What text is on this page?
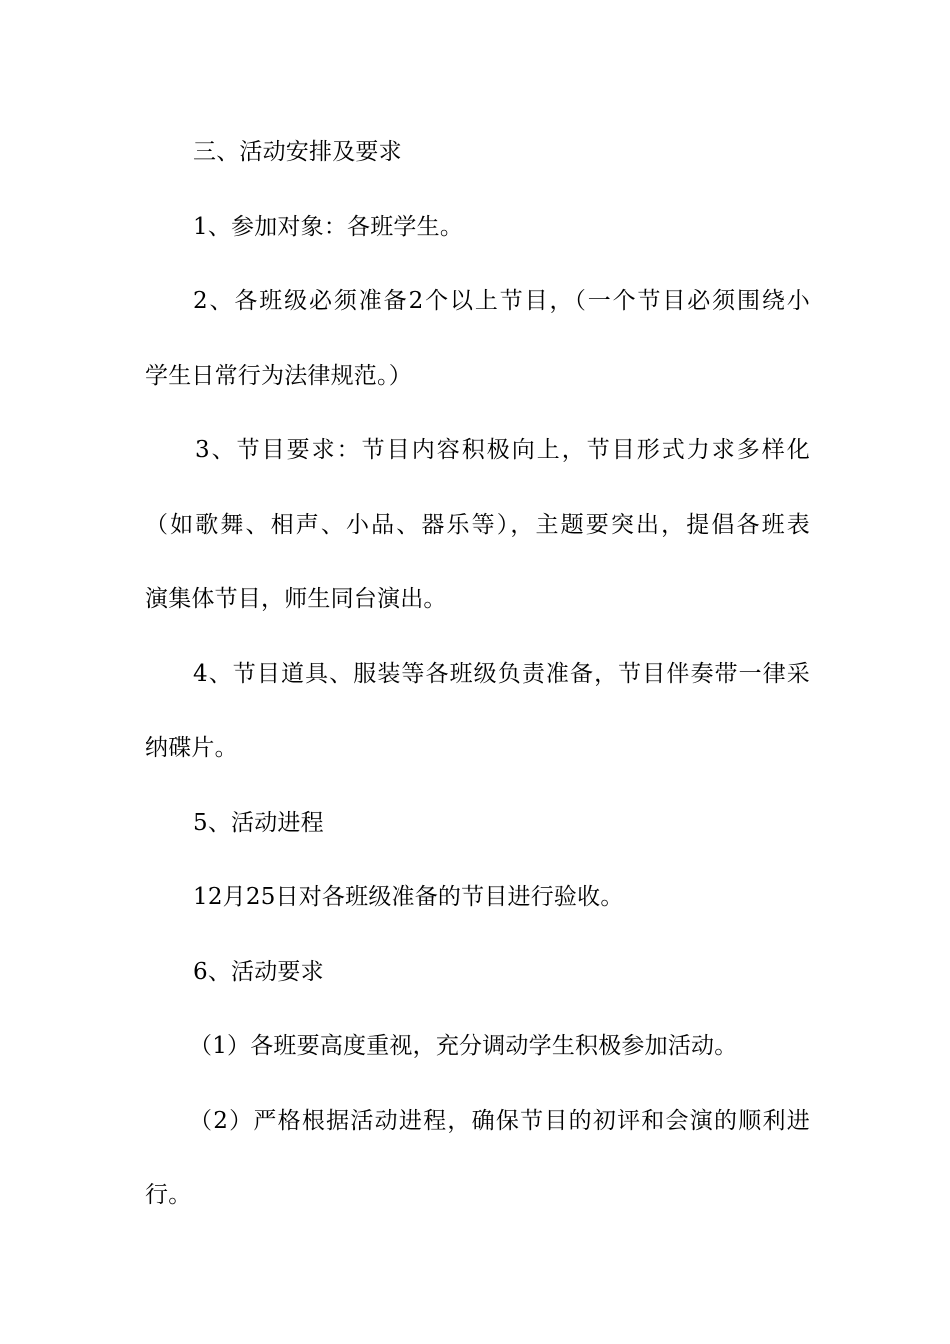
三、活动安排及要求
1、参加对象：各班学生。
2、各班级必须准备2个以上节目，（一个节目必须围绕小
学生日常行为法律规范。）
3、节目要求：节目内容积极向上，节目形式力求多样化
（如歌舞、相声、小品、器乐等），主题要突出，提倡各班表
演集体节目，师生同台演出。
4、节目道具、服装等各班级负责准备，节目伴奏带一律采
纳碟片。
5、活动进程
12月25日对各班级准备的节目进行验收。
6、活动要求
（1）各班要高度重视，充分调动学生积极参加活动。
（2）严格根据活动进程，确保节目的初评和会演的顺利进
行。
